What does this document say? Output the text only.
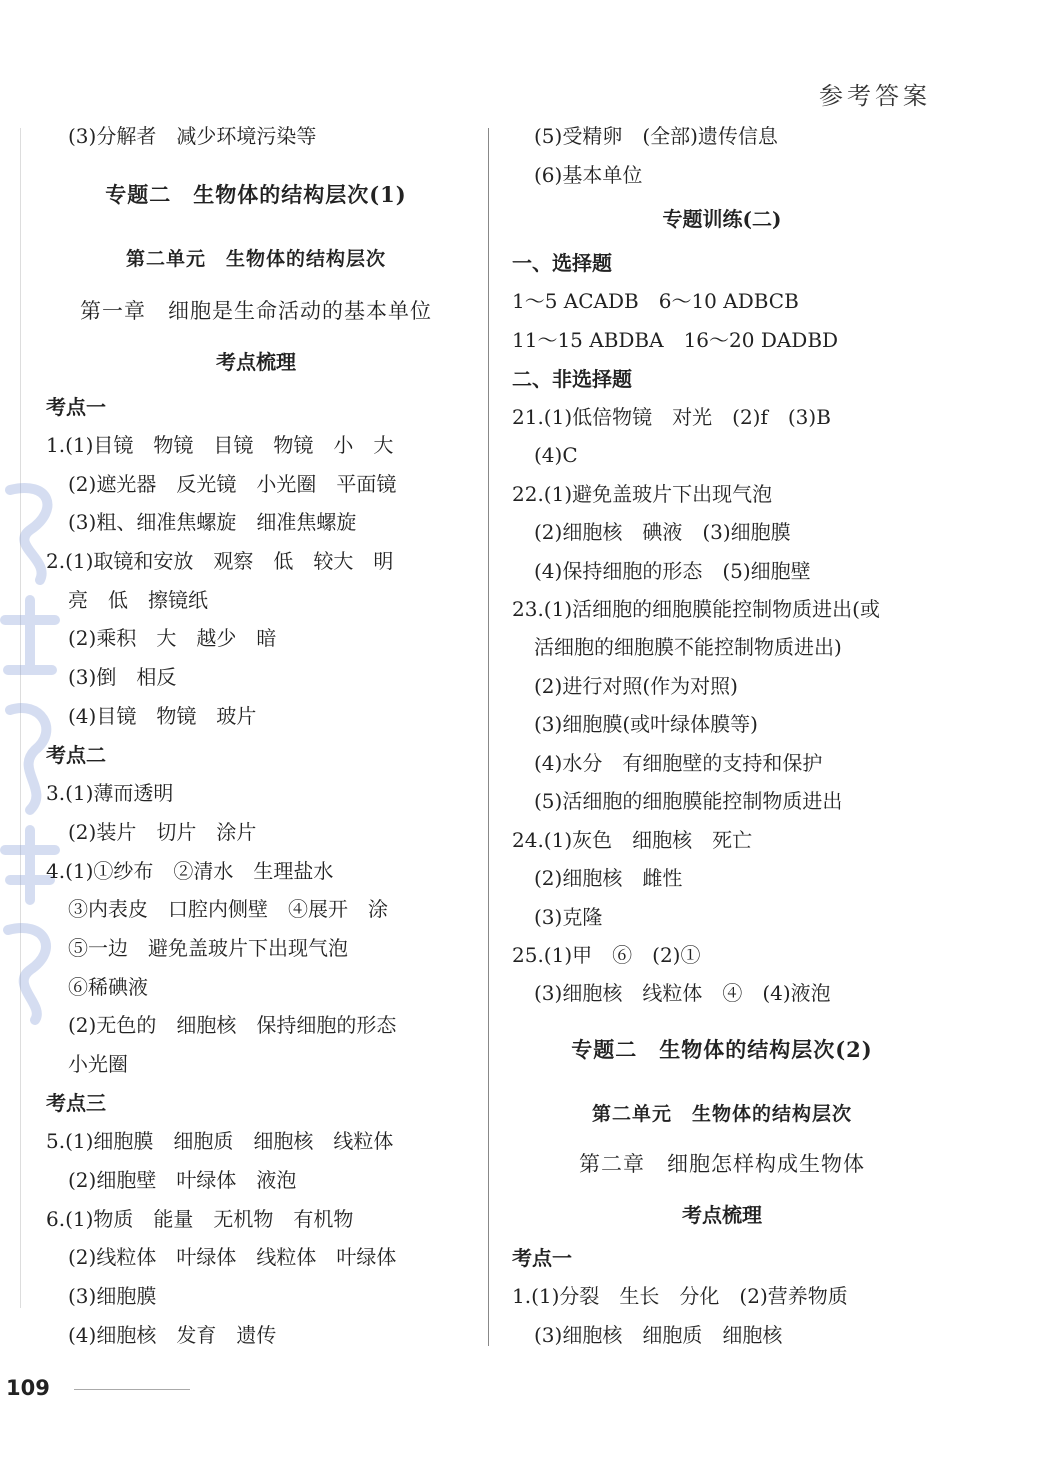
参考答案
(3)分解者　减少环境污染等
专题二　生物体的结构层次(1)
第二单元　生物体的结构层次
第一章　细胞是生命活动的基本单位
考点梳理
考点一
1.(1)目镜　物镜　目镜　物镜　小　大
(2)遮光器　反光镜　小光圈　平面镜
(3)粗、细准焦螺旋　细准焦螺旋
2.(1)取镜和安放　观察　低　较大　明
亮　低　擦镜纸
(2)乘积　大　越少　暗
(3)倒　相反
(4)目镜　物镜　玻片
考点二
3.(1)薄而透明
(2)装片　切片　涂片
4.(1)①纱布　②清水　生理盐水
③内表皮　口腔内侧壁　④展开　涂
⑤一边　避免盖玻片下出现气泡
⑥稀碘液
(2)无色的　细胞核　保持细胞的形态
小光圈
考点三
5.(1)细胞膜　细胞质　细胞核　线粒体
(2)细胞壁　叶绿体　液泡
6.(1)物质　能量　无机物　有机物
(2)线粒体　叶绿体　线粒体　叶绿体
(3)细胞膜
(4)细胞核　发育　遗传
(5)受精卵　(全部)遗传信息
(6)基本单位
专题训练(二)
一、选择题
1～5 ACADB　6～10 ADBCB
11～15 ABDBA　16～20 DADBD
二、非选择题
21.(1)低倍物镜　对光　(2)f　(3)B
(4)C
22.(1)避免盖玻片下出现气泡
(2)细胞核　碘液　(3)细胞膜
(4)保持细胞的形态　(5)细胞壁
23.(1)活细胞的细胞膜能控制物质进出(或
活细胞的细胞膜不能控制物质进出)
(2)进行对照(作为对照)
(3)细胞膜(或叶绿体膜等)
(4)水分　有细胞壁的支持和保护
(5)活细胞的细胞膜能控制物质进出
24.(1)灰色　细胞核　死亡
(2)细胞核　雌性
(3)克隆
25.(1)甲　⑥　(2)①
(3)细胞核　线粒体　④　(4)液泡
专题二　生物体的结构层次(2)
第二单元　生物体的结构层次
第二章　细胞怎样构成生物体
考点梳理
考点一
1.(1)分裂　生长　分化　(2)营养物质
(3)细胞核　细胞质　细胞核
109
